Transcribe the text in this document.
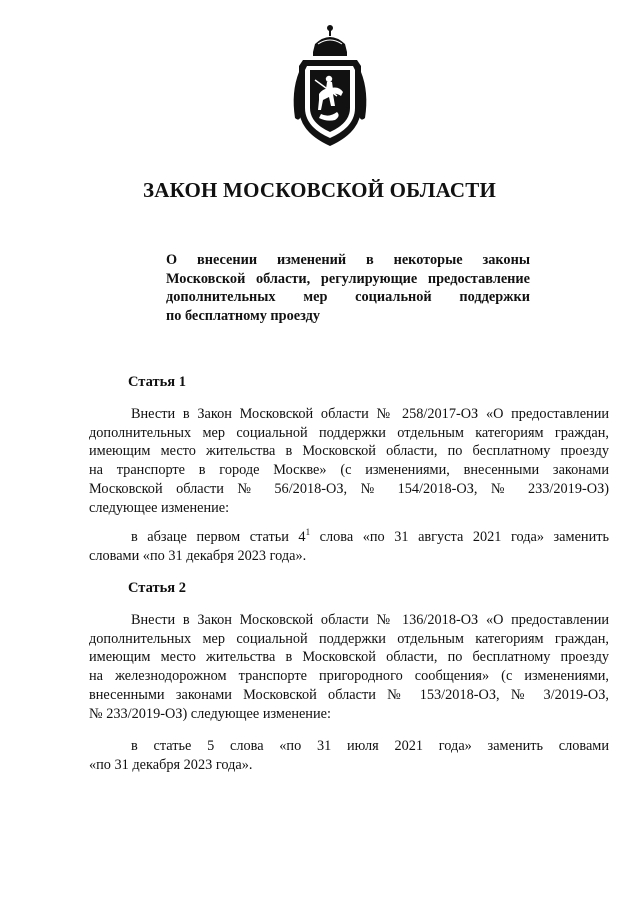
ЗАКОН МОСКОВСКОЙ ОБЛАСТИ
О внесении изменений в некоторые законы
Московской области, регулирующие предоставление
дополнительных мер социальной поддержки
по бесплатному проезду
Статья 1
Внести в Закон Московской области № 258/2017-ОЗ «О предоставлении
дополнительных мер социальной поддержки отдельным категориям граждан,
имеющим место жительства в Московской области, по бесплатному проезду
на транспорте в городе Москве» (с изменениями, внесенными законами
Московской области № 56/2018-ОЗ, № 154/2018-ОЗ, № 233/2019-ОЗ)
следующее изменение:
в абзаце первом статьи $4^1$ слова «по 31 августа 2021 года» заменить
словами «по 31 декабря 2023 года».
Статья 2
Внести в Закон Московской области № 136/2018-ОЗ «О предоставлении
дополнительных мер социальной поддержки отдельным категориям граждан,
имеющим место жительства в Московской области, по бесплатному проезду
на железнодорожном транспорте пригородного сообщения» (с изменениями,
внесенными законами Московской области № 153/2018-ОЗ, № 3/2019-ОЗ,
№ 233/2019-ОЗ) следующее изменение:
в статье 5 слова «по 31 июля 2021 года» заменить словами
«по 31 декабря 2023 года».
